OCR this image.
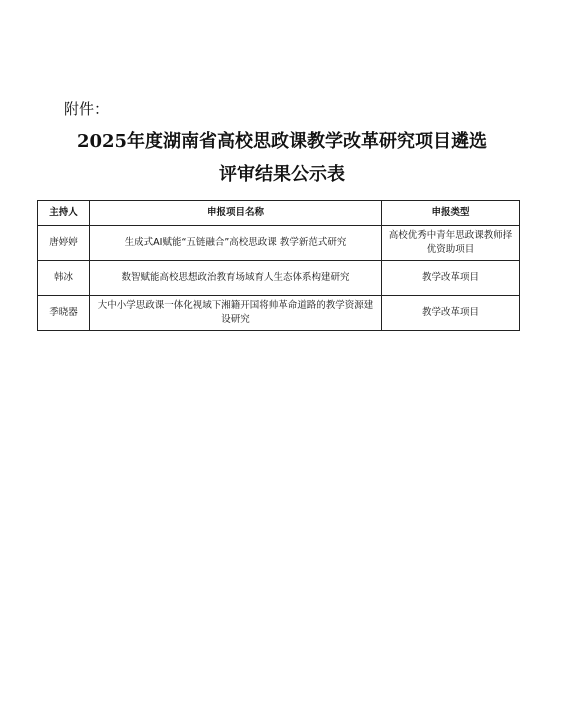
附件：
2025年度湖南省高校思政课教学改革研究项目遴选
评审结果公示表
主持人	申报项目名称	申报类型
唐婷婷	生成式AI赋能“五链融合”高校思政课 教学新范式研究	高校优秀中青年思政课教师择优资助项目
韩冰	数智赋能高校思想政治教育场域育人生态体系构建研究	教学改革项目
季晓器	大中小学思政课一体化视域下湘籍开国将帅革命道路的教学资源建设研究	教学改革项目
